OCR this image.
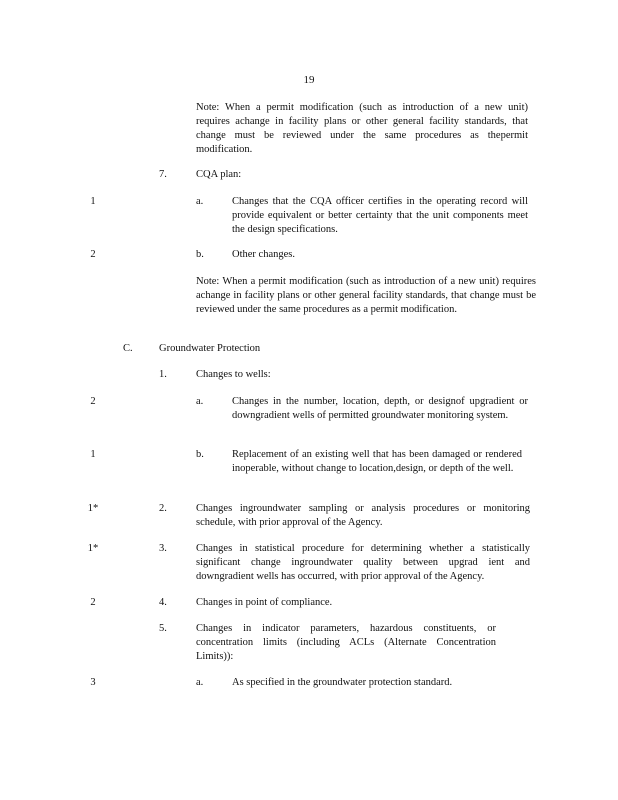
19
Note: When a permit modification (such as introduction of a new unit) requires achange in facility plans or other general facility standards, that change must be reviewed under the same procedures as thepermit modification.
7.	CQA plan:
1	a.	Changes that the CQA officer certifies in the operating record will provide equivalent or better certainty that the unit components meet the design specifications.
2	b.	Other changes.
Note: When a permit modification (such as introduction of a new unit) requires achange in facility plans or other general facility standards, that change must be reviewed under the same procedures as a permit modification.
C.	Groundwater Protection
1.	Changes to wells:
2	a.	Changes in the number, location, depth, or designof upgradient or downgradient wells of permitted groundwater monitoring system.
1	b.	Replacement of an existing well that has been damaged or rendered inoperable, without change to location,design, or depth of the well.
1*	2.	Changes ingroundwater sampling or analysis procedures or monitoring schedule, with prior approval of the Agency.
1*	3.	Changes in statistical procedure for determining whether a statistically significant change ingroundwater quality between upgrad ient and downgradient wells has occurred, with prior approval of the Agency.
2	4.	Changes in point of compliance.
5.	Changes in indicator parameters, hazardous constituents, or concentration limits (including ACLs (Alternate Concentration Limits)):
3	a.	As specified in the groundwater protection standard.
